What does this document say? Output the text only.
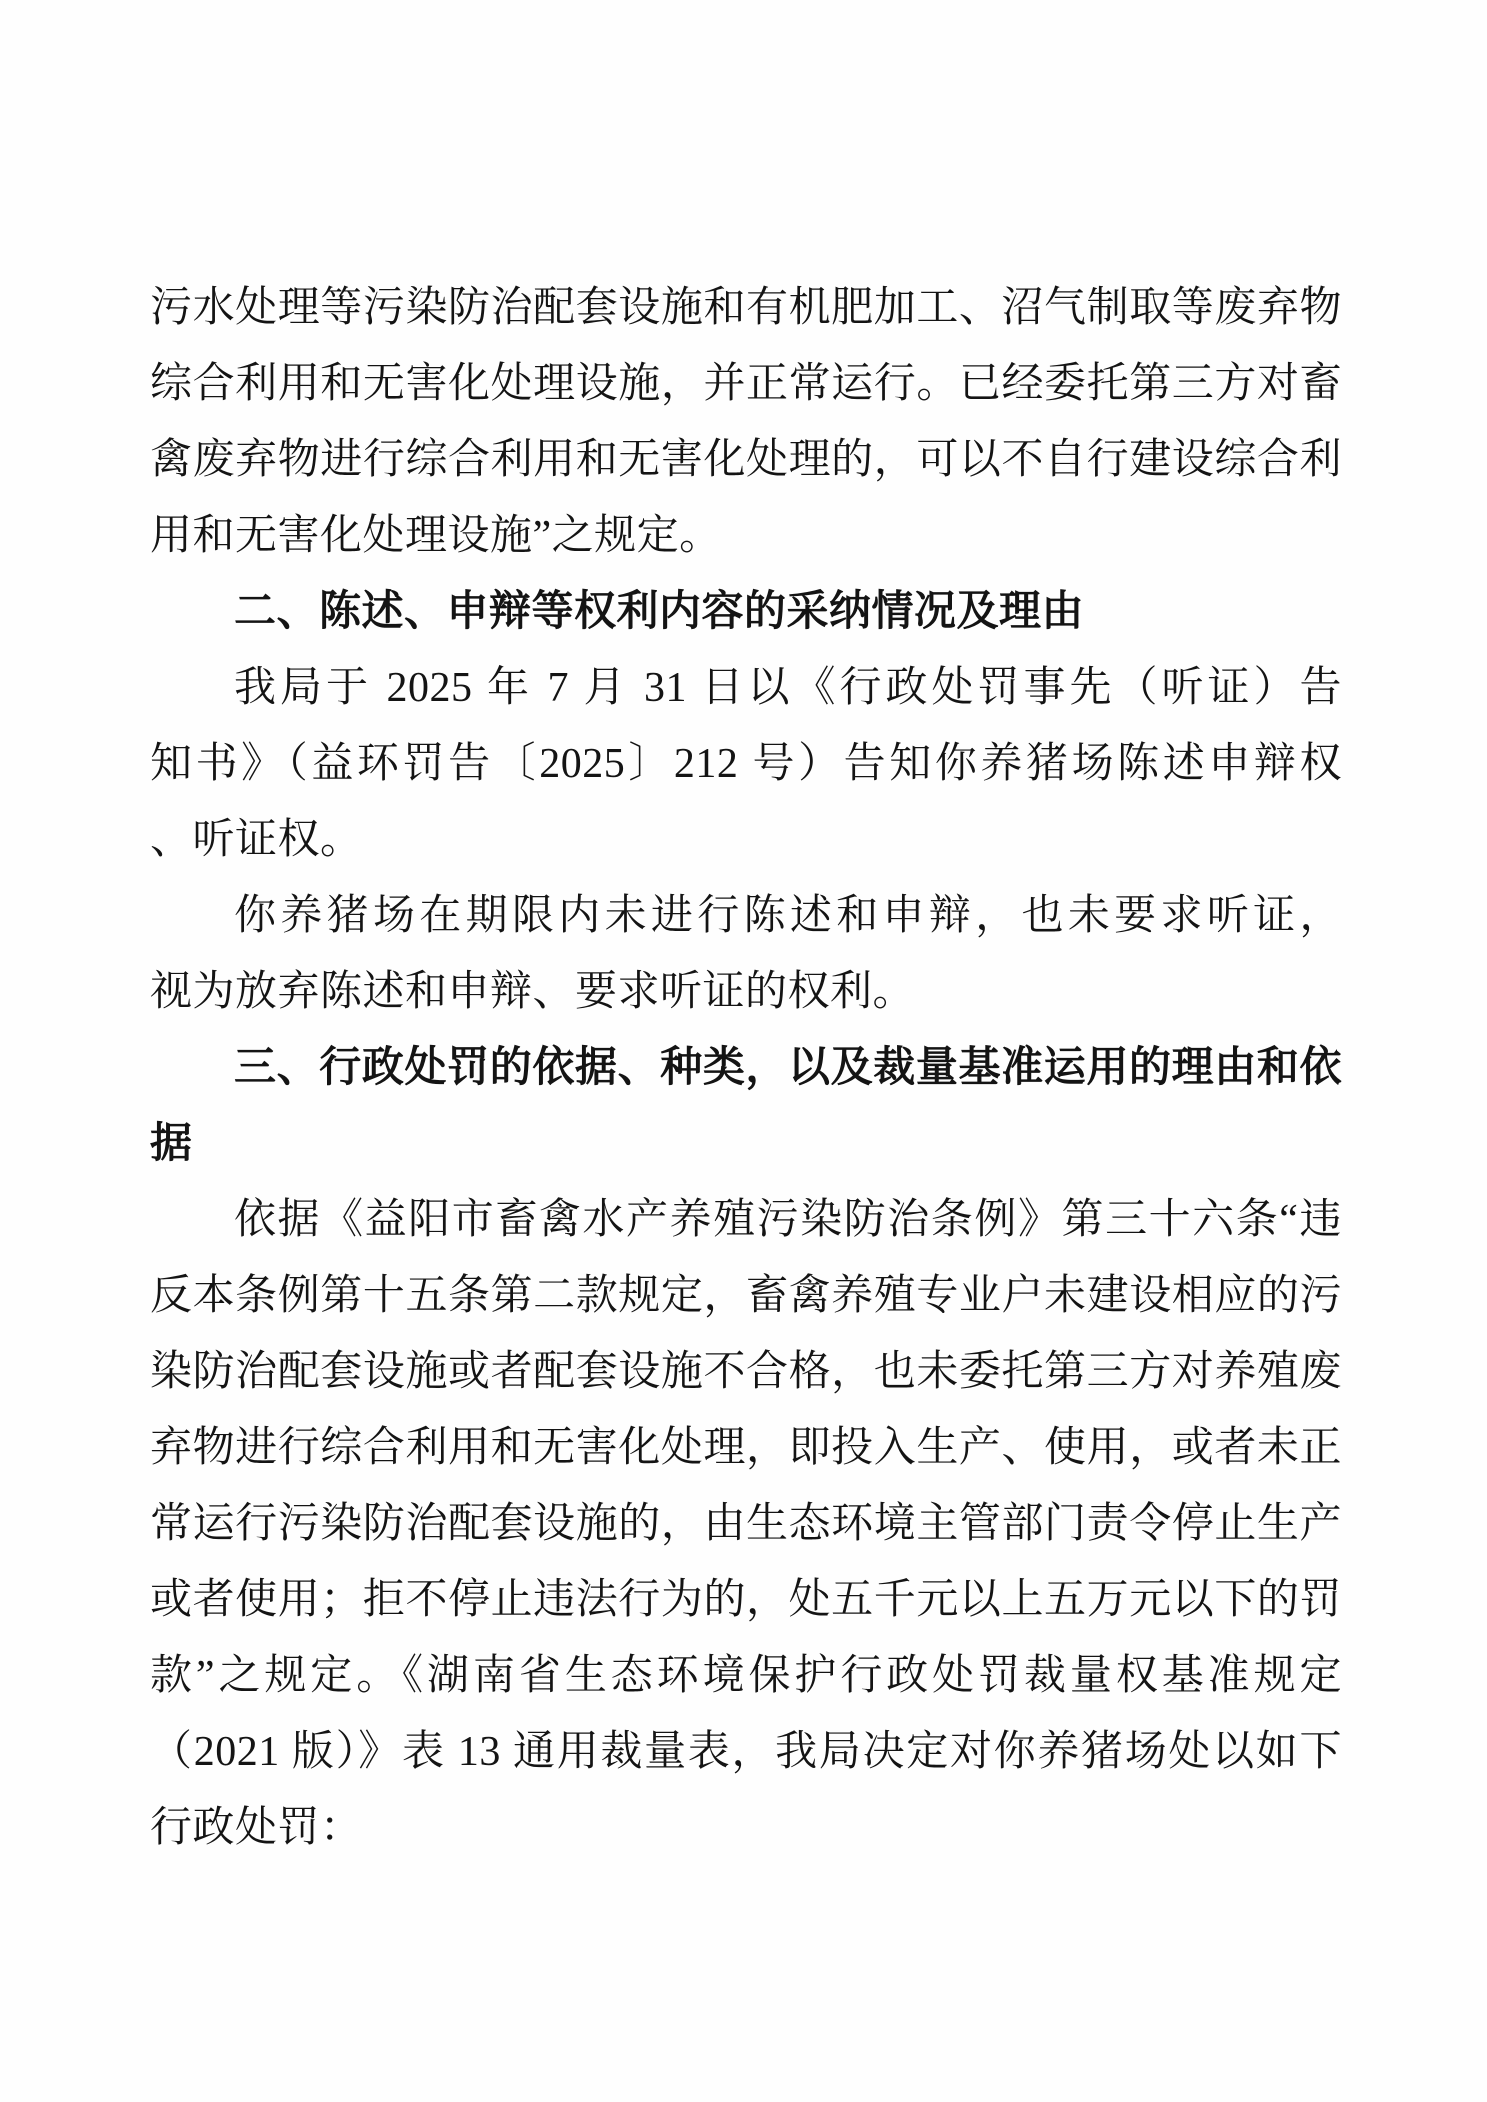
污水处理等污染防治配套设施和有机肥加工、沼气制取等废弃物
综合利用和无害化处理设施，并正常运行。已经委托第三方对畜
禽废弃物进行综合利用和无害化处理的，可以不自行建设综合利
用和无害化处理设施”之规定。
二、陈述、申辩等权利内容的采纳情况及理由
我局于 2025 年 7 月 31 日以《行政处罚事先（听证）告
知书》（益环罚告〔2025〕212 号）告知你养猪场陈述申辩权
、听证权。
你养猪场在期限内未进行陈述和申辩，也未要求听证，
视为放弃陈述和申辩、要求听证的权利。
三、行政处罚的依据、种类，以及裁量基准运用的理由和依
据
依据《益阳市畜禽水产养殖污染防治条例》第三十六条“违
反本条例第十五条第二款规定，畜禽养殖专业户未建设相应的污
染防治配套设施或者配套设施不合格，也未委托第三方对养殖废
弃物进行综合利用和无害化处理，即投入生产、使用，或者未正
常运行污染防治配套设施的，由生态环境主管部门责令停止生产
或者使用；拒不停止违法行为的，处五千元以上五万元以下的罚
款”之规定。《湖南省生态环境保护行政处罚裁量权基准规定
（2021 版）》表 13 通用裁量表，我局决定对你养猪场处以如下
行政处罚：
